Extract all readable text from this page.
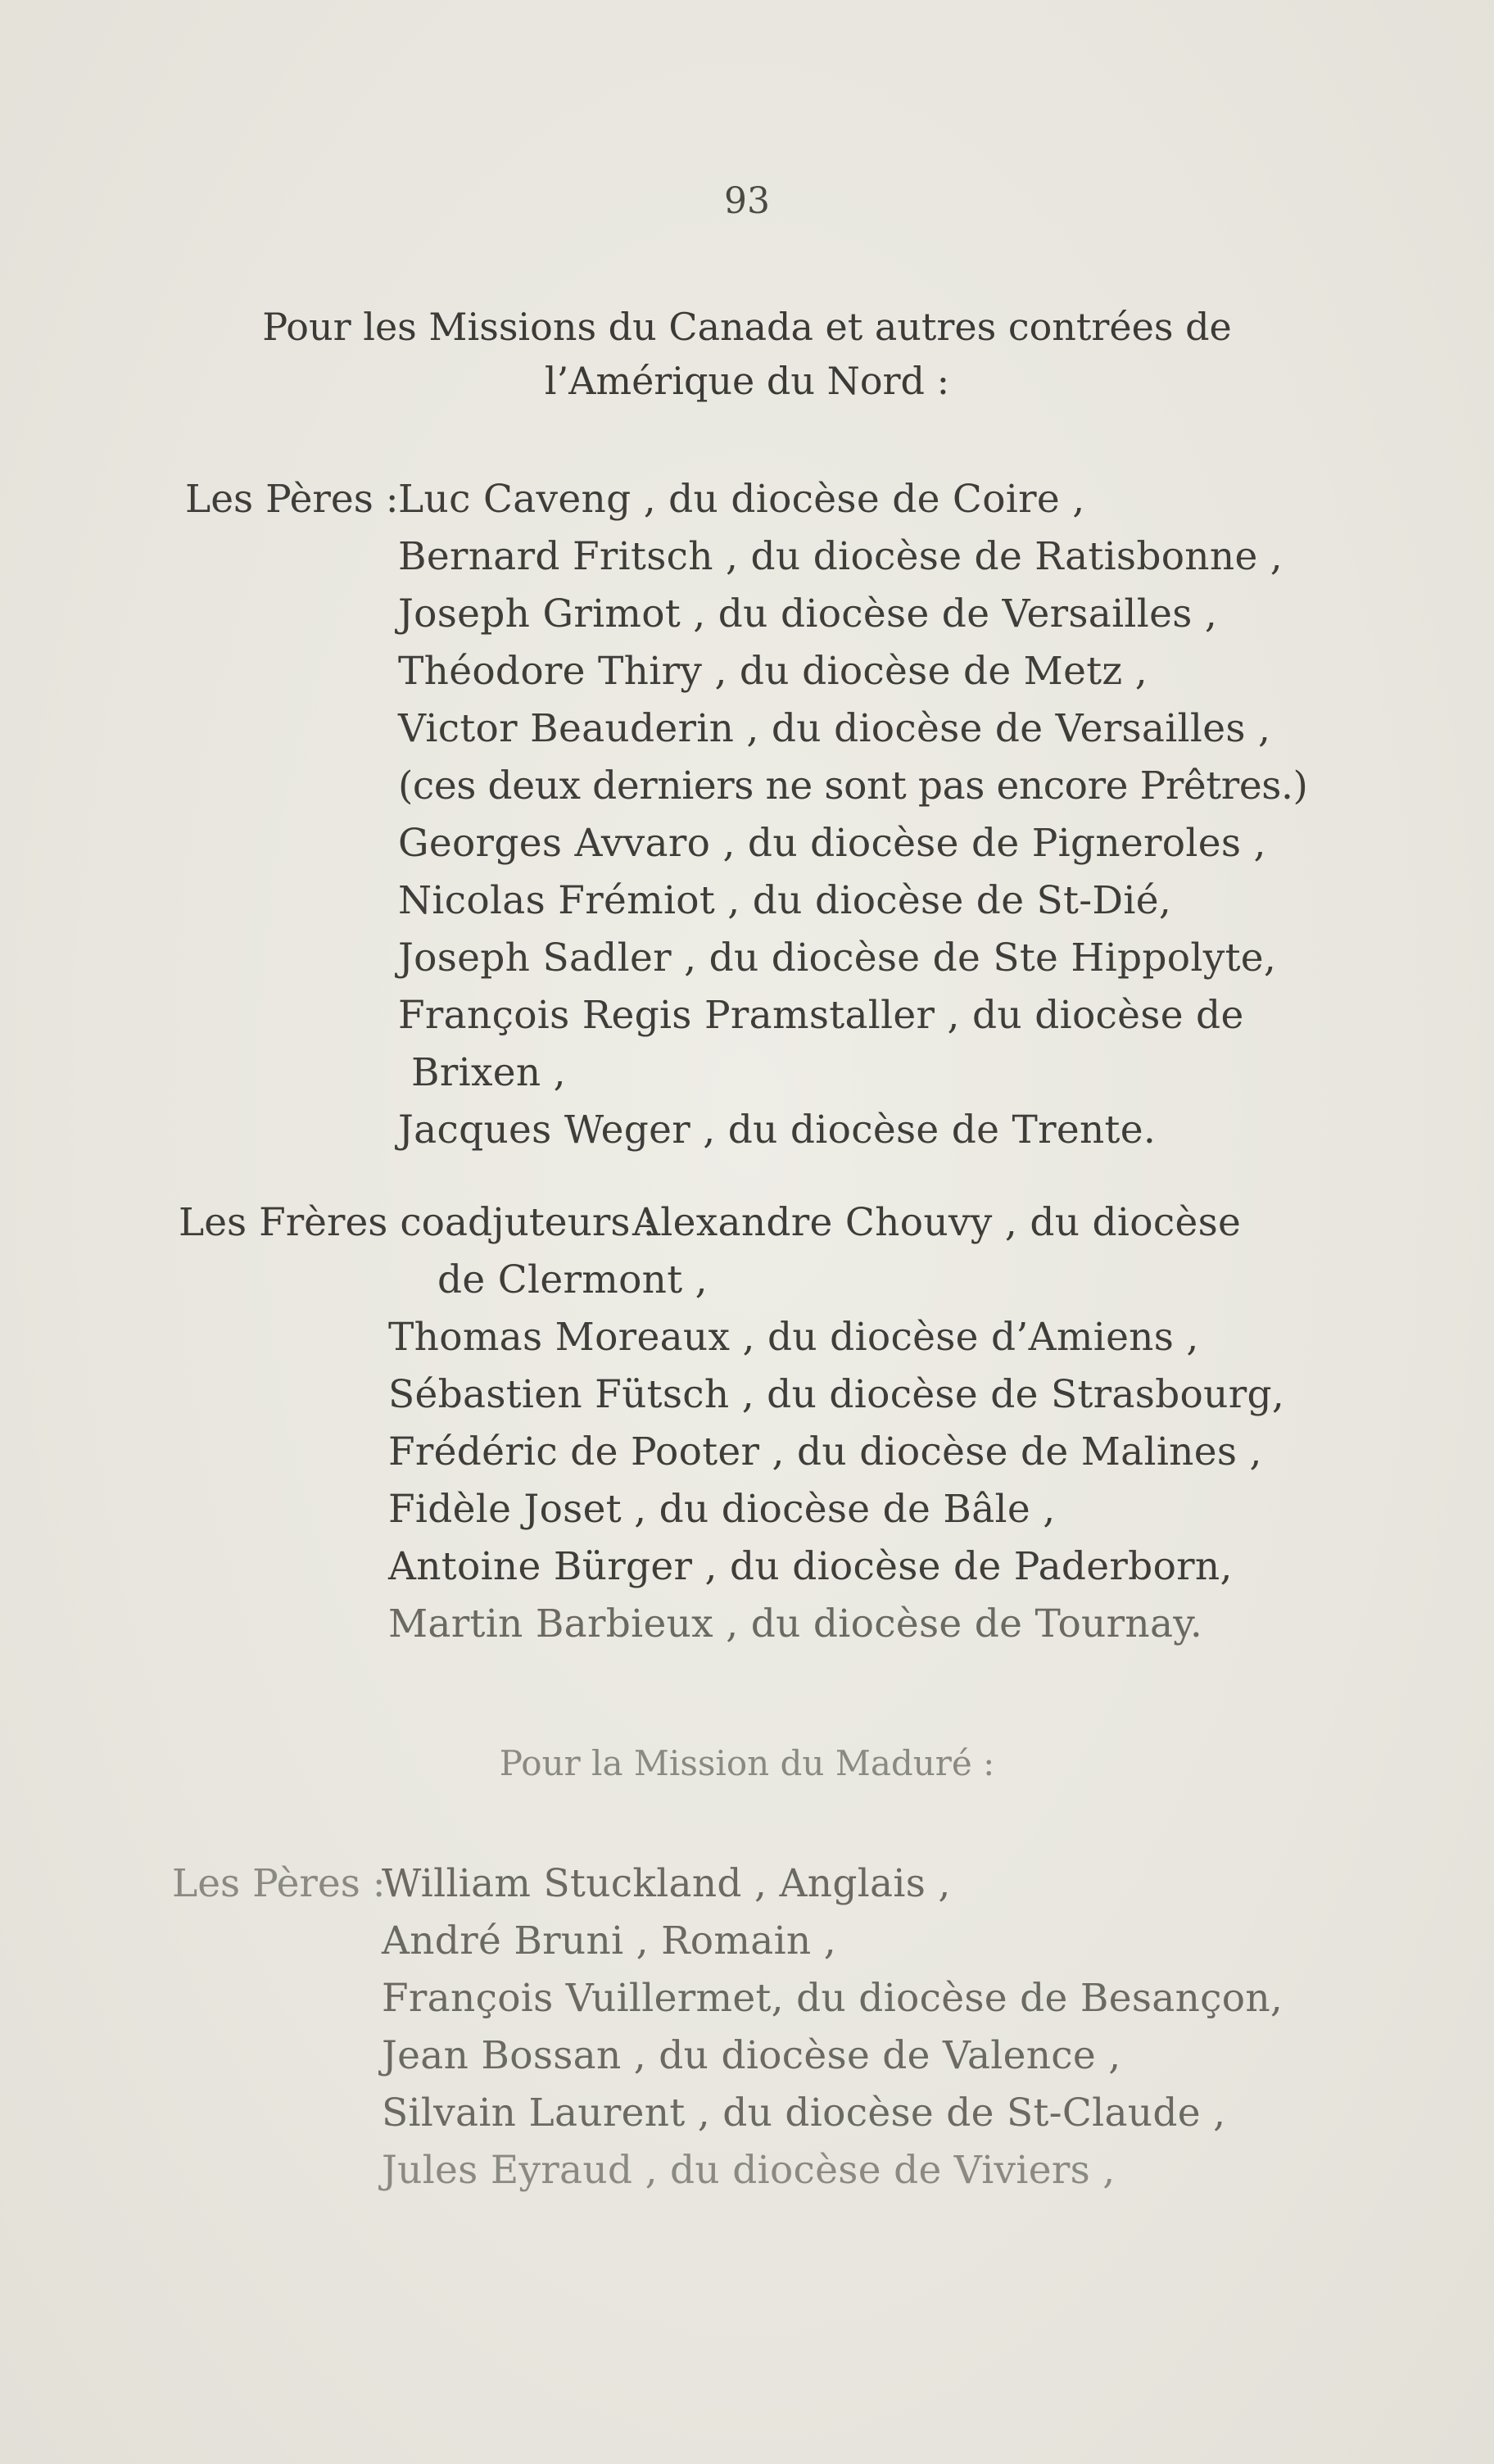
93
Pour les Missions du Canada et autres contrées de
l’Amérique du Nord :
Les Pères : Luc Caveng , du diocèse de Coire ,
Bernard Fritsch , du diocèse de Ratisbonne ,
Joseph Grimot , du diocèse de Versailles ,
Théodore Thiry , du diocèse de Metz ,
Victor Beauderin , du diocèse de Versailles ,
(ces deux derniers ne sont pas encore Prêtres.)
Georges Avvaro , du diocèse de Pigneroles ,
Nicolas Frémiot , du diocèse de St-Dié,
Joseph Sadler , du diocèse de Ste Hippolyte,
François Regis Pramstaller , du diocèse de
Brixen ,
Jacques Weger , du diocèse de Trente.
Les Frères coadjuteurs :
Alexandre Chouvy , du diocèse
de Clermont ,
Thomas Moreaux , du diocèse d’Amiens ,
Sébastien Fütsch , du diocèse de Strasbourg,
Frédéric de Pooter , du diocèse de Malines ,
Fidèle Joset , du diocèse de Bâle ,
Antoine Bürger , du diocèse de Paderborn,
Martin Barbieux , du diocèse de Tournay.
Pour la Mission du Maduré :
Les Pères :
William Stuckland , Anglais ,
André Bruni , Romain ,
François Vuillermet, du diocèse de Besançon,
Jean Bossan , du diocèse de Valence ,
Silvain Laurent , du diocèse de St-Claude ,
Jules Eyraud , du diocèse de Viviers ,
